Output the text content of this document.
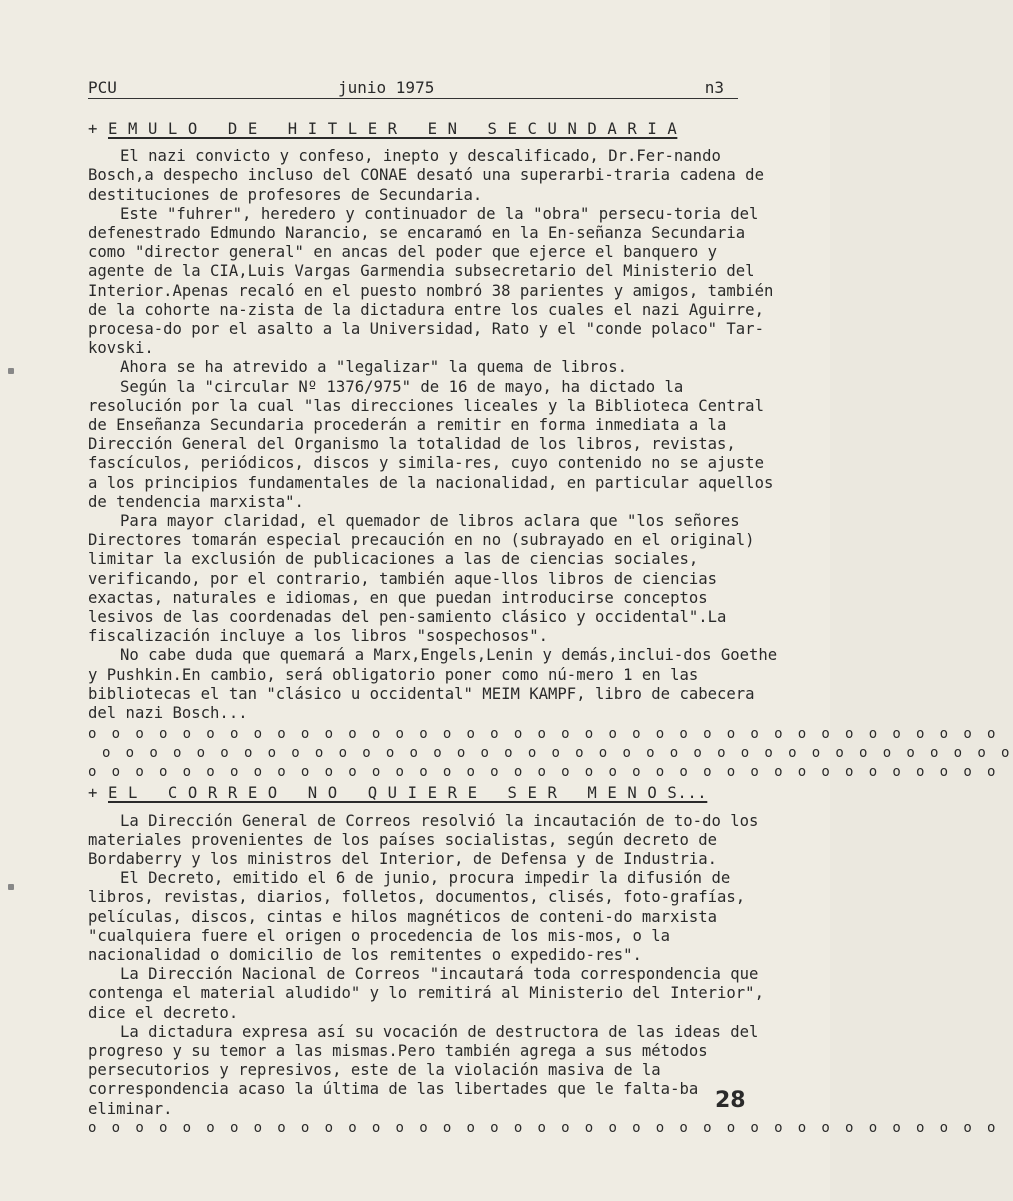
PCU	junio 1975	n3
+ E M U L O _ D E _ H I T L E R _ E N _ S E C U N D A R I A

El nazi convicto y confeso, inepto y descalificado, Dr.Fer-nando Bosch,a despecho incluso del CONAE desató una superarbi-traria cadena de destituciones de profesores de Secundaria.

Este "fuhrer", heredero y continuador de la "obra" persecu-toria del defenestrado Edmundo Narancio, se encaramó en la En-señanza Secundaria como "director general" en ancas del poder que ejerce el banquero y agente de la CIA,Luis Vargas Garmendia subsecretario del Ministerio del Interior.Apenas recaló en el puesto nombró 38 parientes y amigos, también de la cohorte na-zista de la dictadura entre los cuales el nazi Aguirre, procesa-do por el asalto a la Universidad, Rato y el "conde polaco" Tar-kovski.

Ahora se ha atrevido a "legalizar" la quema de libros.

Según la "circular Nº 1376/975" de 16 de mayo, ha dictado la resolución por la cual "las direcciones liceales y la Biblioteca Central de Enseñanza Secundaria procederán a remitir en forma inmediata a la Dirección General del Organismo la totalidad de los libros, revistas, fascículos, periódicos, discos y simila-res, cuyo contenido no se ajuste a los principios fundamentales de la nacionalidad, en particular aquellos de tendencia marxista".

Para mayor claridad, el quemador de libros aclara que "los señores Directores tomarán especial precaución en no (subrayado en el original) limitar la exclusión de publicaciones a las de ciencias sociales, verificando, por el contrario, también aque-llos libros de ciencias exactas, naturales e idiomas, en que puedan introducirse conceptos lesivos de las coordenadas del pen-samiento clásico y occidental".La fiscalización incluye a los libros "sospechosos".

No cabe duda que quemará a Marx,Engels,Lenin y demás,inclui-dos Goethe y Pushkin.En cambio, será obligatorio poner como nú-mero 1 en las bibliotecas el tan "clásico u occidental" MEIM KAMPF, libro de cabecera del nazi Bosch...

o o o o o o o o o o o o o o o o o o o o o o o o o o o o o o o o o o o o o o o
o o o o o o o o o o o o o o o o o o o o o o o o o o o o o o o o o o o o o o o
o o o o o o o o o o o o o o o o o o o o o o o o o o o o o o o o o o o o o o o
+ E L _ C O R R E O _ N O _ Q U I E R E _ S E R _ M E N O S...

La Dirección General de Correos resolvió la incautación de to-do los materiales provenientes de los países socialistas, según decreto de Bordaberry y los ministros del Interior, de Defensa y de Industria.

El Decreto, emitido el 6 de junio, procura impedir la difusión de libros, revistas, diarios, folletos, documentos, clisés, foto-grafías, películas, discos, cintas e hilos magnéticos de conteni-do marxista "cualquiera fuere el origen o procedencia de los mis-mos, o la nacionalidad o domicilio de los remitentes o expedido-res".

La Dirección Nacional de Correos "incautará toda correspondencia que contenga el material aludido" y lo remitirá al Ministerio del Interior", dice el decreto.

La dictadura expresa así su vocación de destructora de las ideas del progreso y su temor a las mismas.Pero también agrega a sus métodos persecutorios y represivos, este de la violación masiva de la correspondencia acaso la última de las libertades que le falta-ba eliminar.

o o o o o o o o o o o o o o o o o o o o o o o o o o o o o o o o o o o o o o o
28
